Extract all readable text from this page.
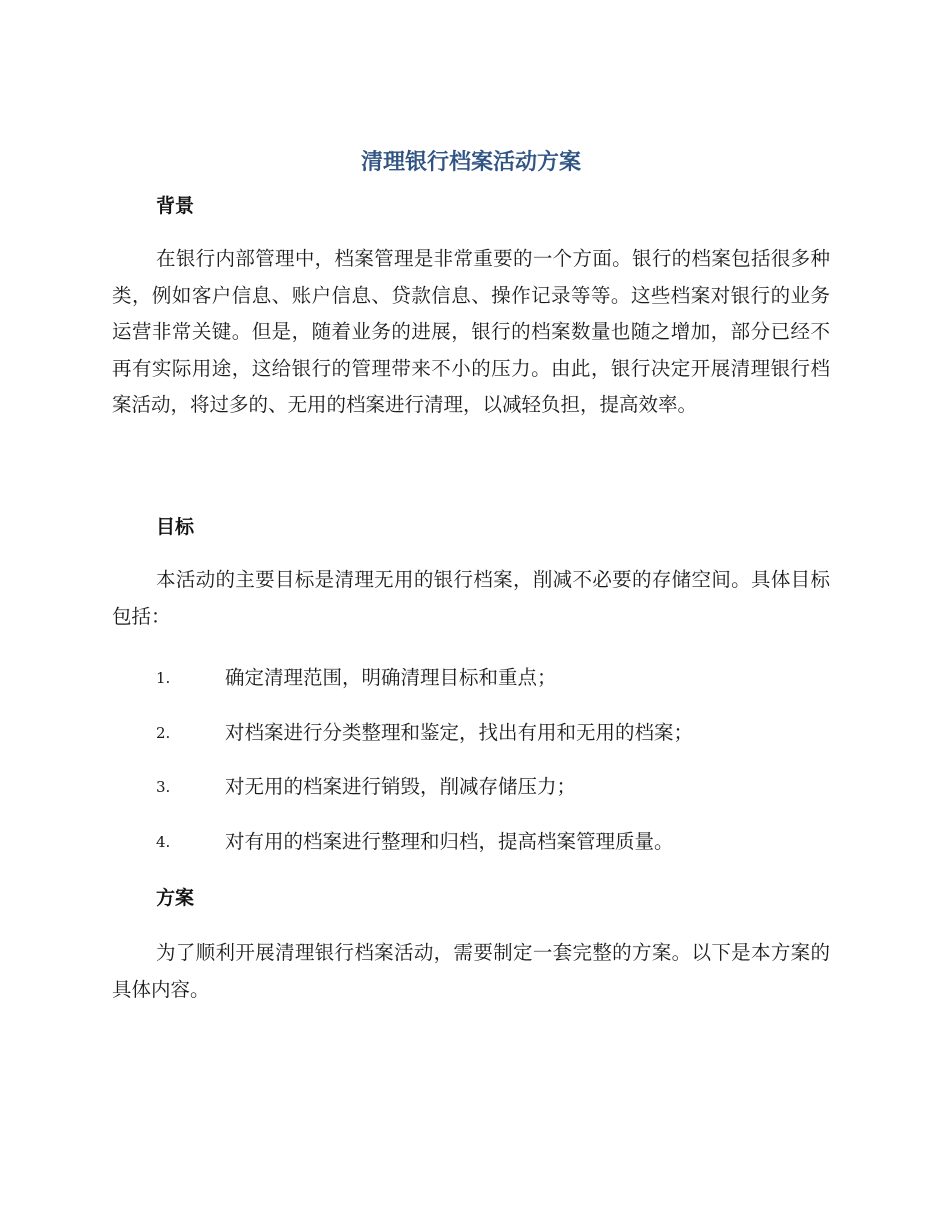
清理银行档案活动方案
背景

在银行内部管理中，档案管理是非常重要的一个方面。银行的档案包括很多种类，例如客户信息、账户信息、贷款信息、操作记录等等。这些档案对银行的业务运营非常关键。但是，随着业务的进展，银行的档案数量也随之增加，部分已经不再有实际用途，这给银行的管理带来不小的压力。由此，银行决定开展清理银行档案活动，将过多的、无用的档案进行清理，以减轻负担，提高效率。

目标

本活动的主要目标是清理无用的银行档案，削减不必要的存储空间。具体目标包括：

1.	确定清理范围，明确清理目标和重点；
2.	对档案进行分类整理和鉴定，找出有用和无用的档案；
3.	对无用的档案进行销毁，削减存储压力；
4.	对有用的档案进行整理和归档，提高档案管理质量。
方案

为了顺利开展清理银行档案活动，需要制定一套完整的方案。以下是本方案的具体内容。
